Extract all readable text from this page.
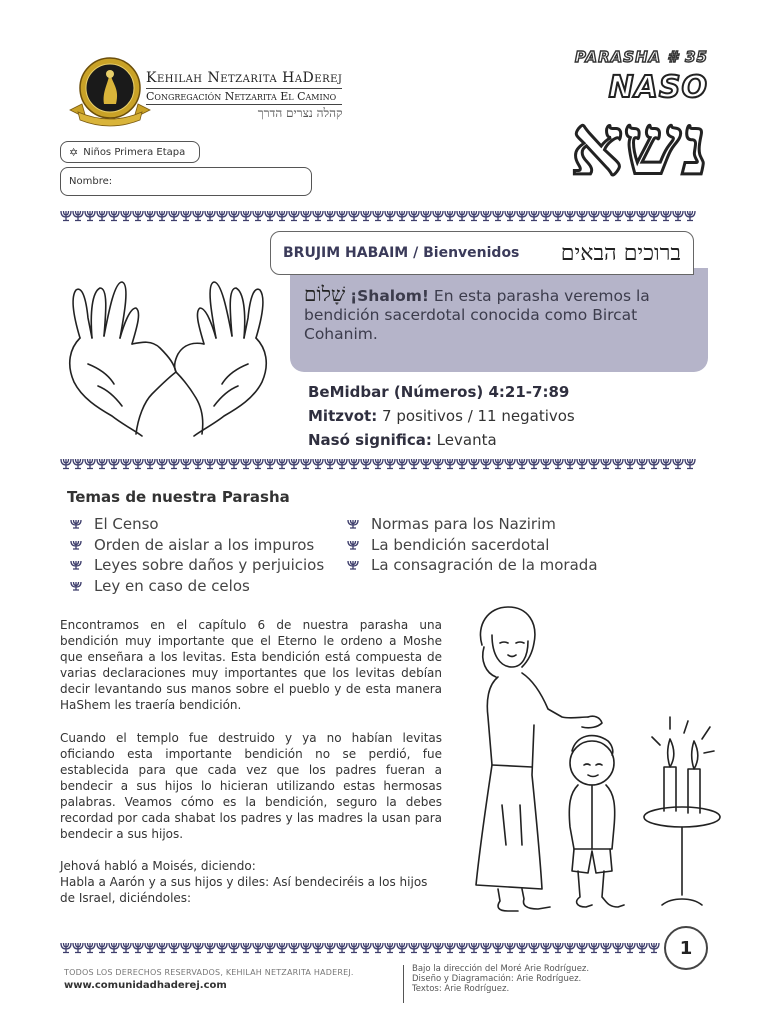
Kehilah Netzarita HaDerej
Congregación Netzarita El Camino
קהלה נצרים הדרך
PARASHA # 35
NASO
נשא
✡ Niños Primera Etapa
Nombre:
BRUJIM HABAIM / Bienvenidos ברוכים הבאים
שָׁלוֹם ¡Shalom! En esta parasha veremos la bendición sacerdotal conocida como Bircat Cohanim.
BeMidbar (Números) 4:21-7:89
Mitzvot: 7 positivos / 11 negativos
Nasó significa: Levanta
Temas de nuestra Parasha
El Censo
Orden de aislar a los impuros
Leyes sobre daños y perjuicios
Ley en caso de celos
Normas para los Nazirim
La bendición sacerdotal
La consagración de la morada

Encontramos en el capítulo 6 de nuestra parasha una bendición muy importante que el Eterno le ordeno a Moshe que enseñara a los levitas. Esta bendición está compuesta de varias declaraciones muy importantes que los levitas debían decir levantando sus manos sobre el pueblo y de esta manera HaShem les traería bendición.

Cuando el templo fue destruido y ya no habían levitas oficiando esta importante bendición no se perdió, fue establecida para que cada vez que los padres fueran a bendecir a sus hijos lo hicieran utilizando estas hermosas palabras. Veamos cómo es la bendición, seguro la debes recordad por cada shabat los padres y las madres la usan para bendecir a sus hijos.

Jehová habló a Moisés, diciendo:

Habla a Aarón y a sus hijos y diles: Así bendeciréis a los hijos de Israel, diciéndoles:

1
TODOS LOS DERECHOS RESERVADOS, KEHILAH NETZARITA HADEREJ.
www.comunidadhaderej.com
Bajo la dirección del Moré Arie Rodríguez.
Diseño y Diagramación: Arie Rodríguez.
Textos: Arie Rodríguez.
